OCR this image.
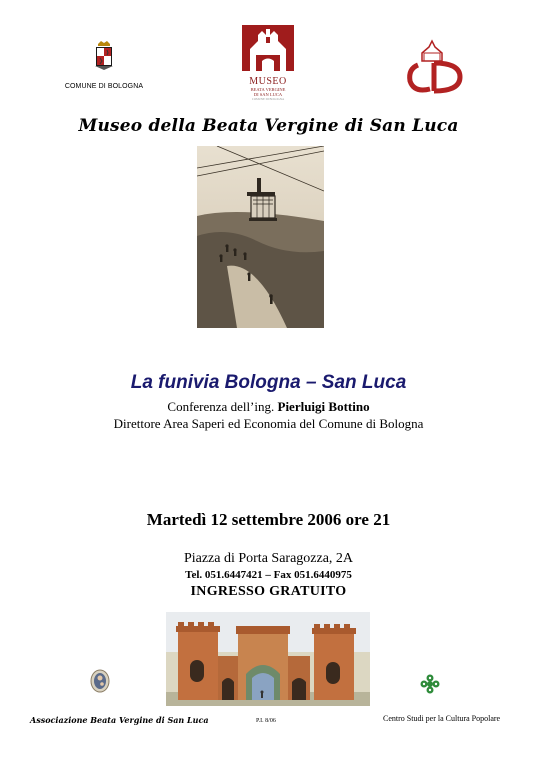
COMUNE DI BOLOGNA	MUSEO
BEATA VERGINE
DI SAN LUCA
COMUNE DI BOLOGNA
CD
Museo della Beata Vergine di San Luca
La funivia Bologna – San Luca
Conferenza dell’ing. Pierluigi Bottino
Direttore Area Saperi ed Economia del Comune di Bologna
Martedì 12 settembre 2006 ore 21
Piazza di Porta Saragozza, 2A
Tel. 051.6447421 – Fax 051.6440975
INGRESSO GRATUITO
Associazione Beata Vergine di San Luca	P.I. 8/06	Centro Studi per la Cultura Popolare
